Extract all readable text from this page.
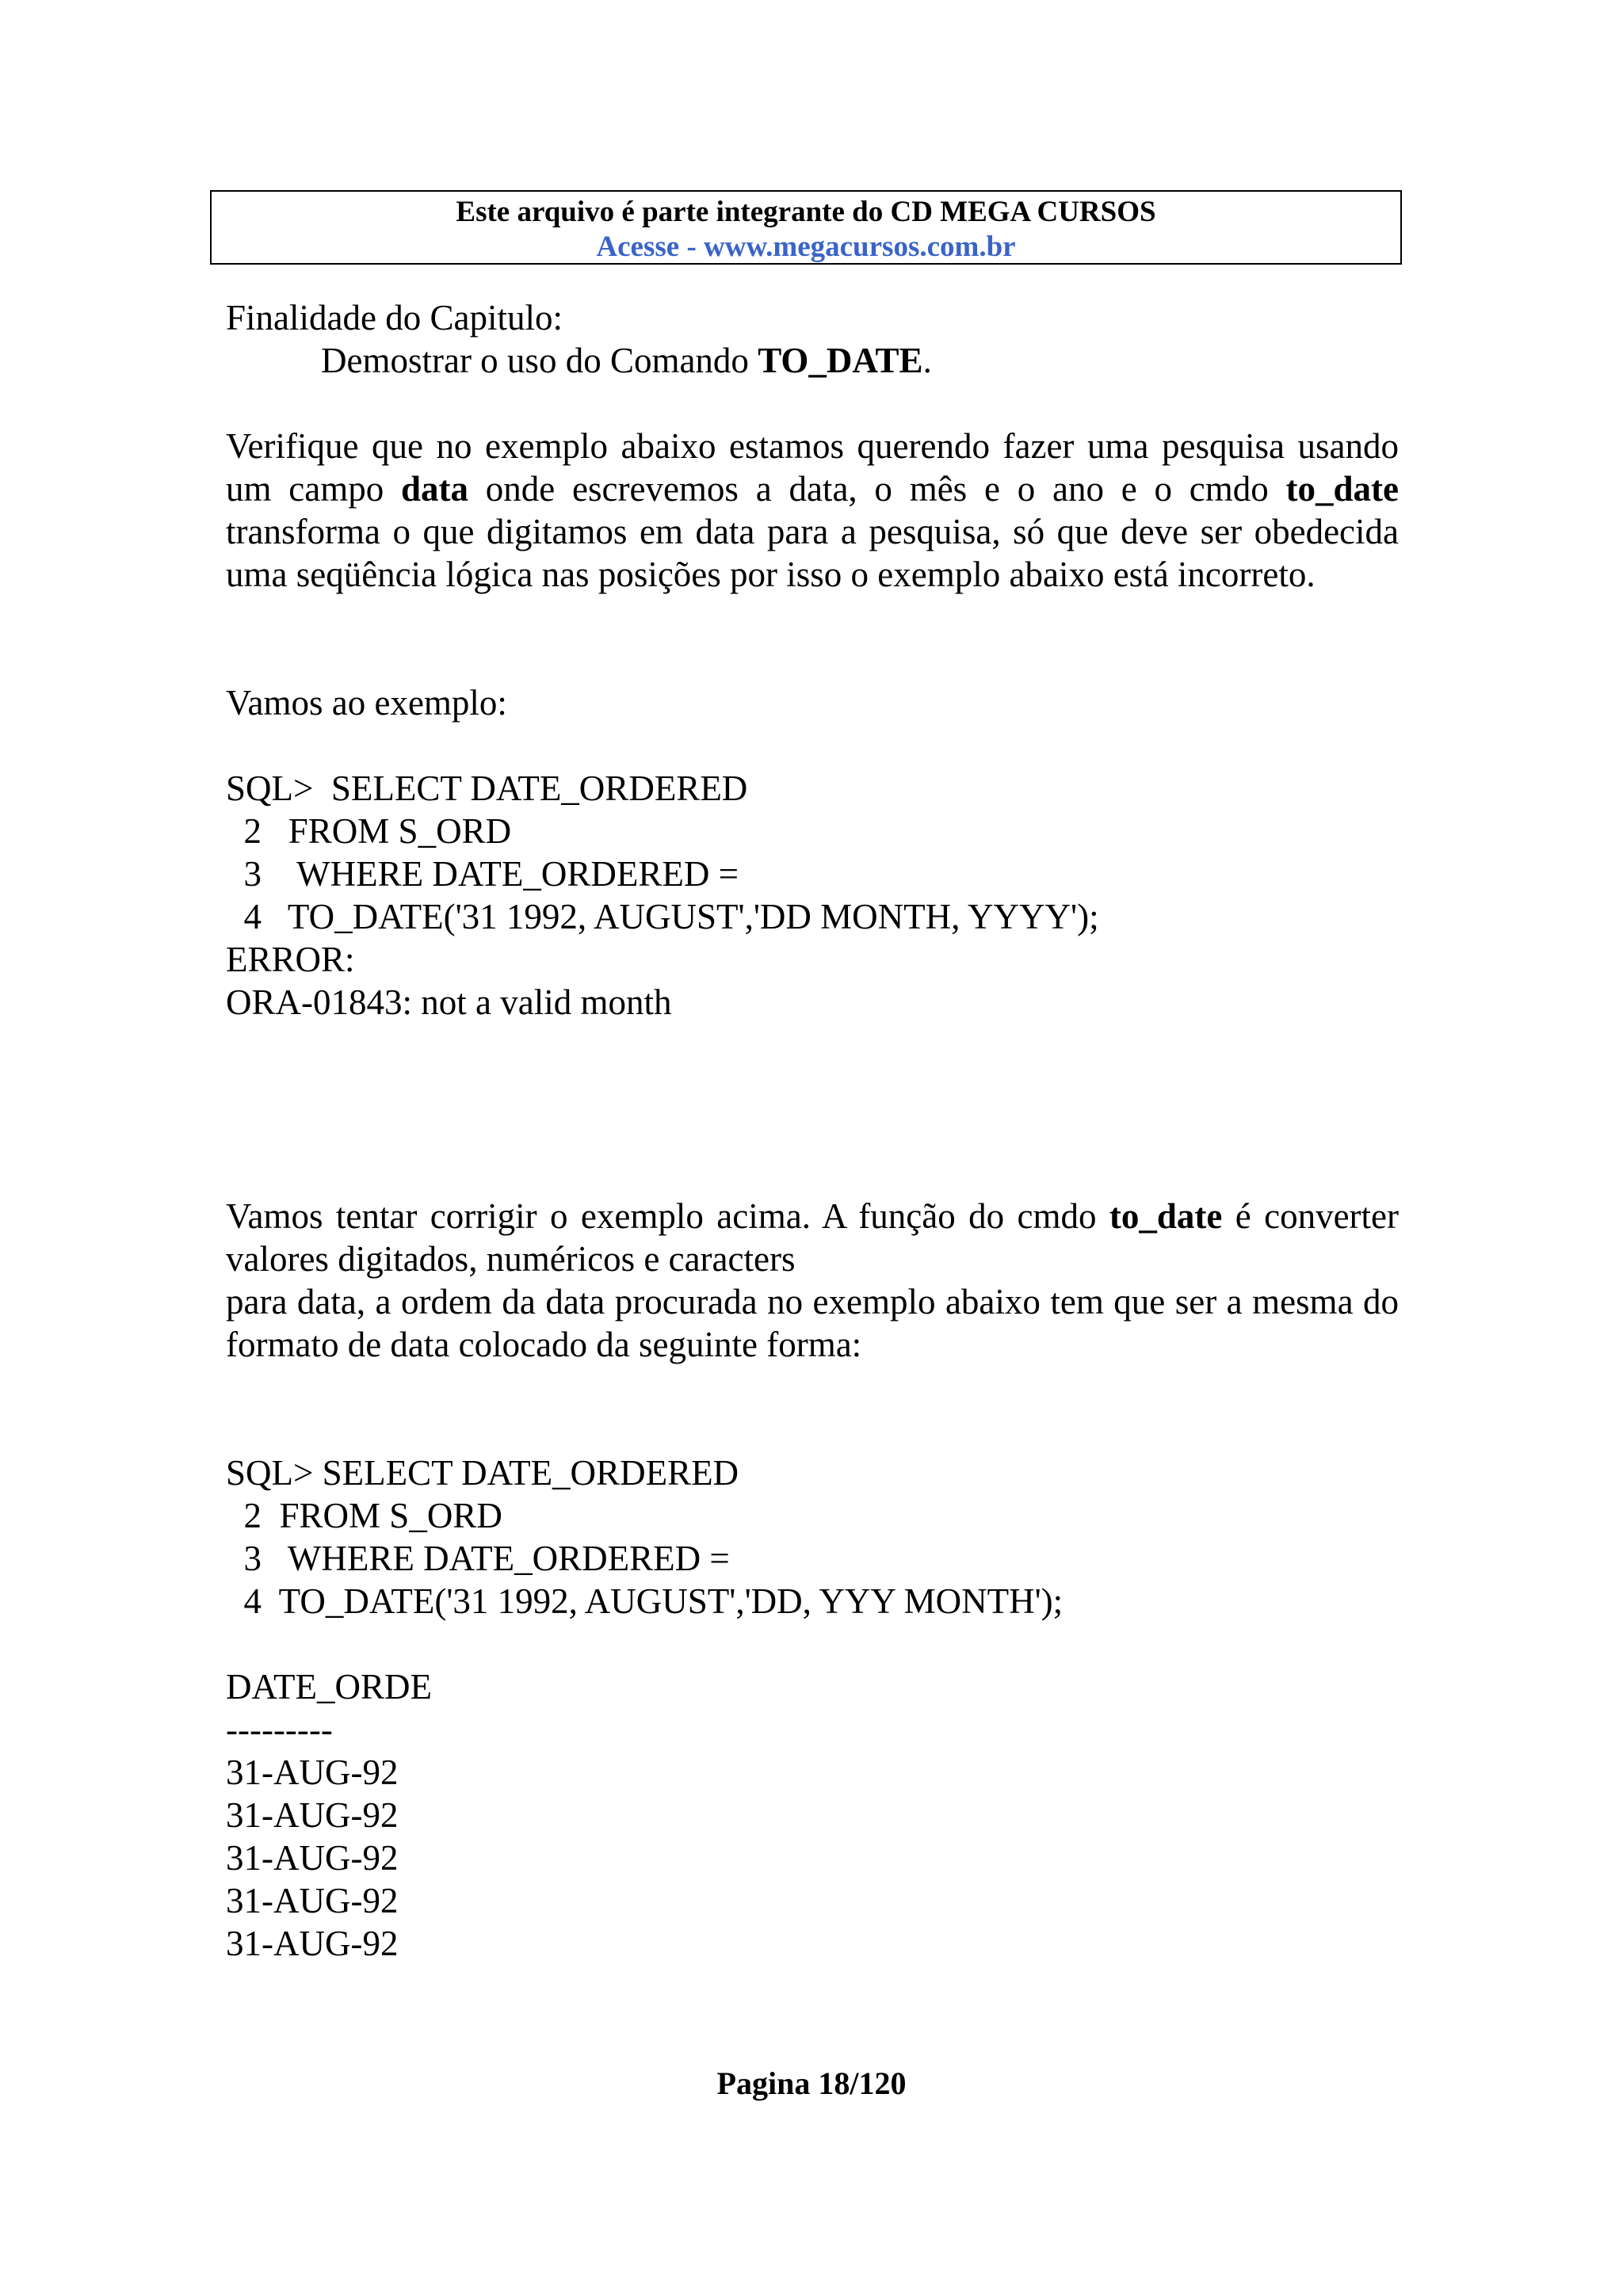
Este arquivo é parte integrante do CD MEGA CURSOS
Acesse - www.megacursos.com.br

Finalidade do Capitulo:

Demostrar o uso do Comando TO_DATE.

Verifique que no exemplo abaixo estamos querendo fazer uma pesquisa usando um campo data onde escrevemos a data, o mês e o ano e o cmdo to_date transforma o que digitamos em data para a pesquisa, só que deve ser obedecida uma seqüência lógica nas posições por isso o exemplo abaixo está incorreto.

Vamos ao exemplo:

SQL>  SELECT DATE_ORDERED

2   FROM S_ORD

3    WHERE DATE_ORDERED =

4   TO_DATE('31 1992, AUGUST','DD MONTH, YYYY');

ERROR:

ORA-01843: not a valid month

Vamos tentar corrigir o exemplo acima. A função do cmdo to_date é converter valores digitados, numéricos e caracters

para data, a ordem da data procurada no exemplo abaixo tem que ser a mesma do formato de data colocado da seguinte forma:

SQL> SELECT DATE_ORDERED

2  FROM S_ORD

3   WHERE DATE_ORDERED =

4  TO_DATE('31 1992, AUGUST','DD, YYY MONTH');

DATE_ORDE

---------

31-AUG-92

31-AUG-92

31-AUG-92

31-AUG-92

31-AUG-92

Pagina 18/120
